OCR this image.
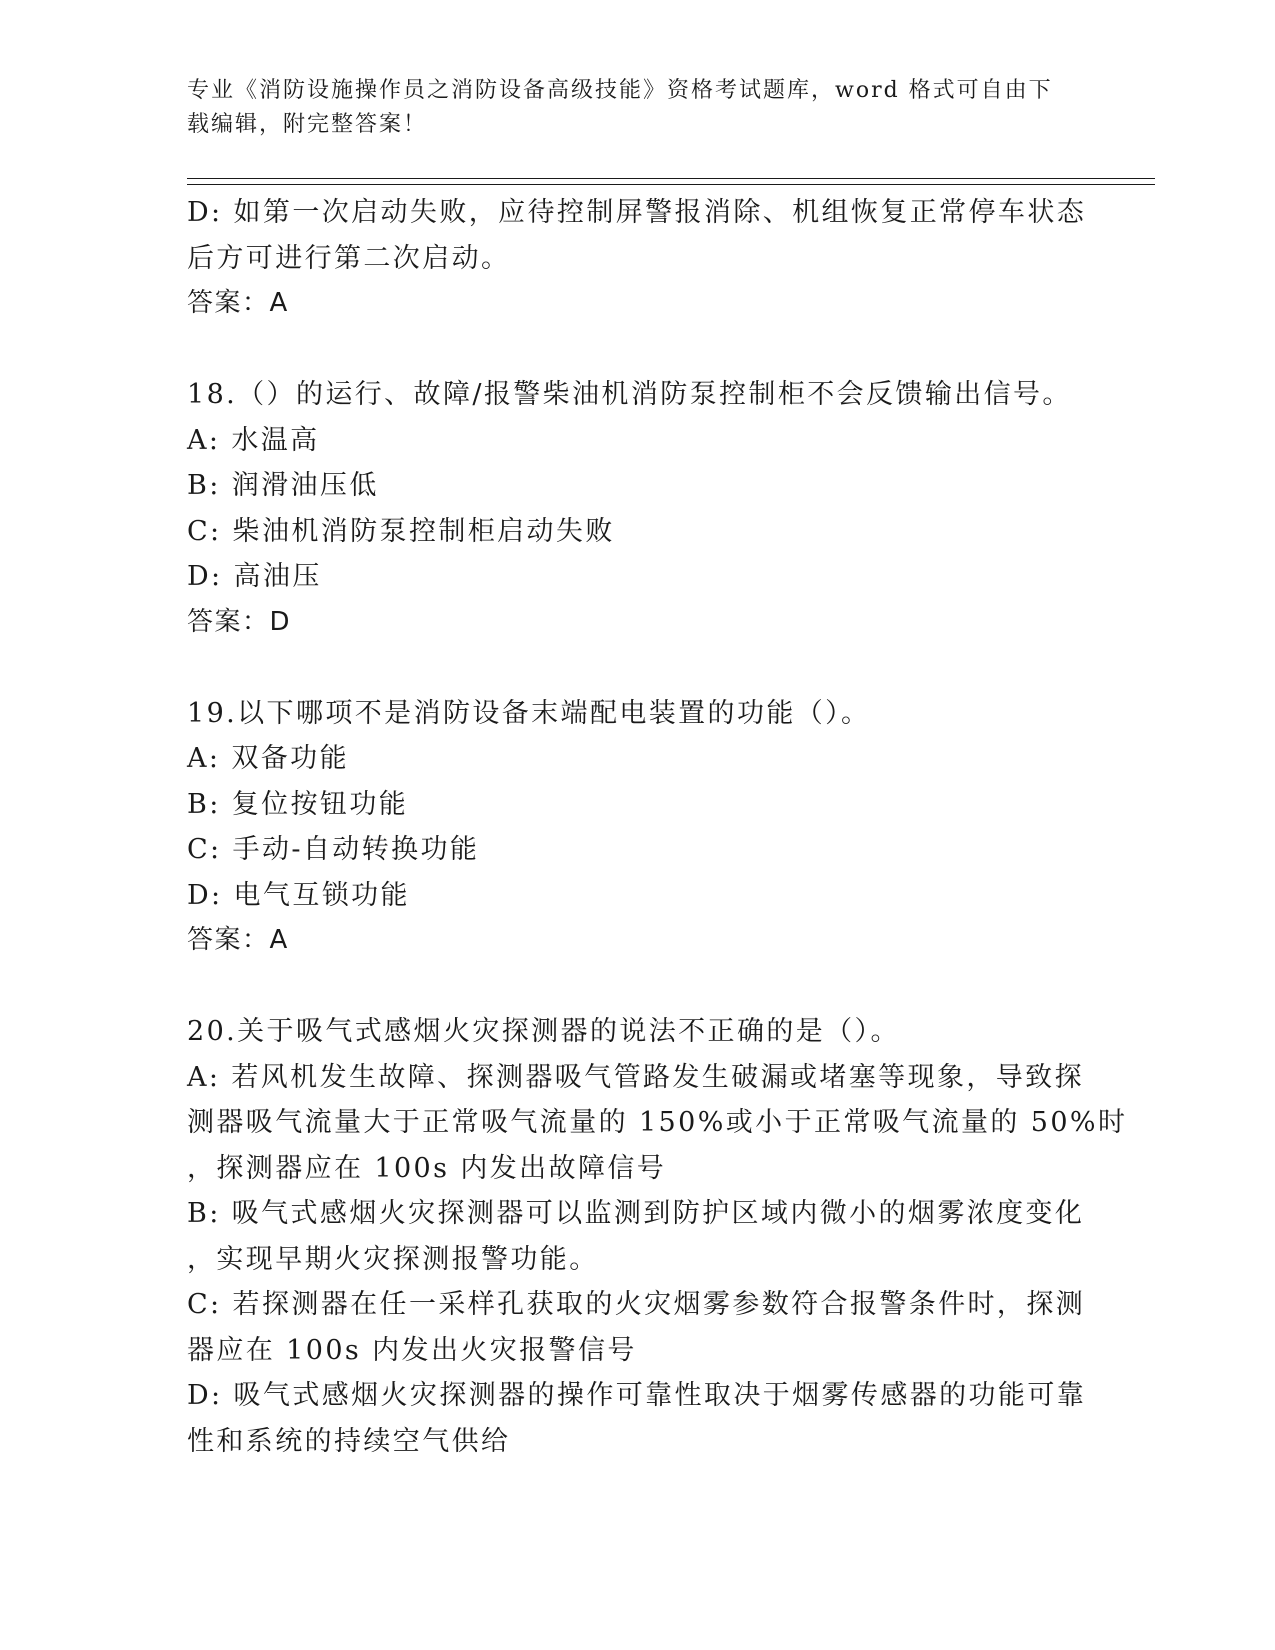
专业《消防设施操作员之消防设备高级技能》资格考试题库，word 格式可自由下
载编辑，附完整答案！
D: 如第一次启动失败，应待控制屏警报消除、机组恢复正常停车状态
后方可进行第二次启动。
答案：A
18.（）的运行、故障/报警柴油机消防泵控制柜不会反馈输出信号。
A: 水温高
B: 润滑油压低
C: 柴油机消防泵控制柜启动失败
D: 高油压
答案：D
19.以下哪项不是消防设备末端配电装置的功能（）。
A: 双备功能
B: 复位按钮功能
C: 手动-自动转换功能
D: 电气互锁功能
答案：A
20.关于吸气式感烟火灾探测器的说法不正确的是（）。
A: 若风机发生故障、探测器吸气管路发生破漏或堵塞等现象，导致探
测器吸气流量大于正常吸气流量的 150%或小于正常吸气流量的 50%时
，探测器应在 100s 内发出故障信号
B: 吸气式感烟火灾探测器可以监测到防护区域内微小的烟雾浓度变化
，实现早期火灾探测报警功能。
C: 若探测器在任一采样孔获取的火灾烟雾参数符合报警条件时，探测
器应在 100s 内发出火灾报警信号
D: 吸气式感烟火灾探测器的操作可靠性取决于烟雾传感器的功能可靠
性和系统的持续空气供给
